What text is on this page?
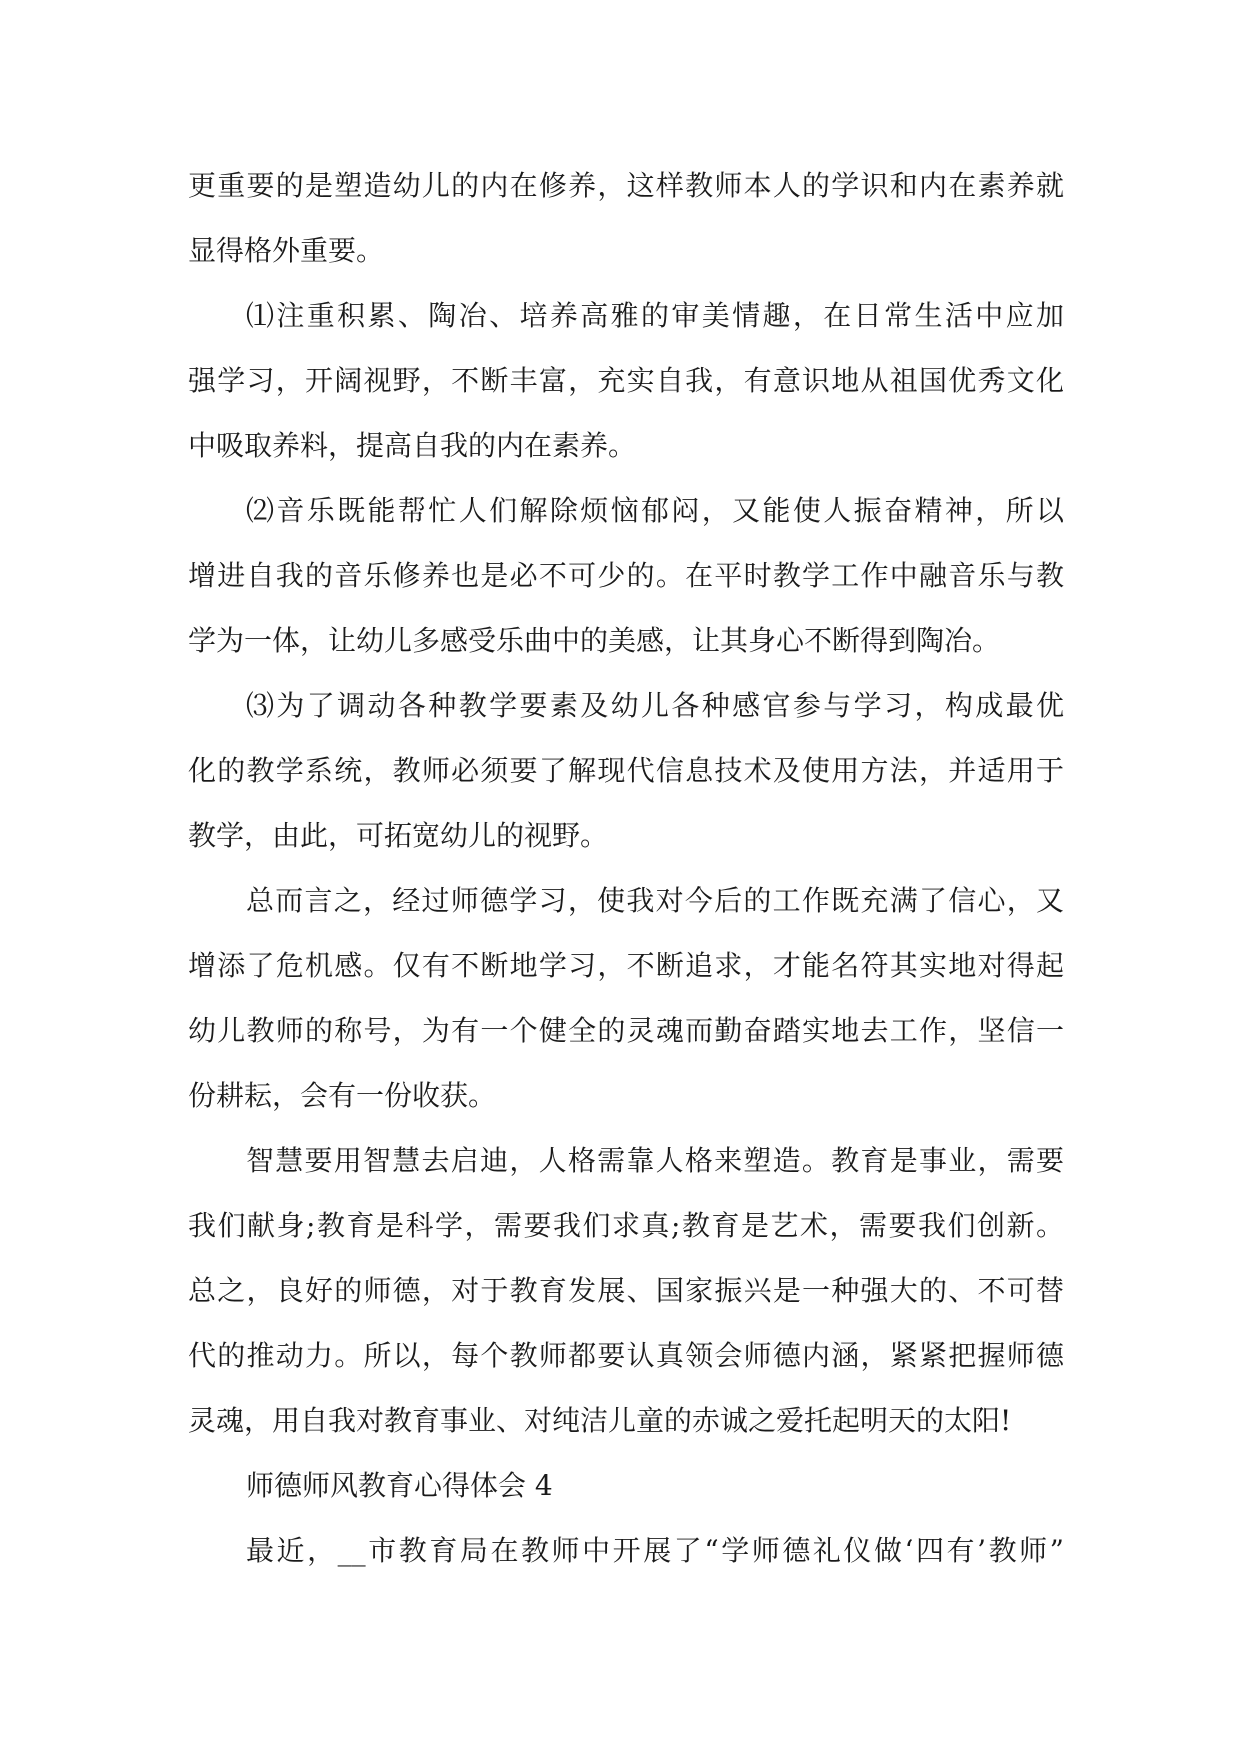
更重要的是塑造幼儿的内在修养，这样教师本人的学识和内在素养就
显得格外重要。
⑴注重积累、陶冶、培养高雅的审美情趣，在日常生活中应加
强学习，开阔视野，不断丰富，充实自我，有意识地从祖国优秀文化
中吸取养料，提高自我的内在素养。
⑵音乐既能帮忙人们解除烦恼郁闷，又能使人振奋精神，所以
增进自我的音乐修养也是必不可少的。在平时教学工作中融音乐与教
学为一体，让幼儿多感受乐曲中的美感，让其身心不断得到陶冶。
⑶为了调动各种教学要素及幼儿各种感官参与学习，构成最优
化的教学系统，教师必须要了解现代信息技术及使用方法，并适用于
教学，由此，可拓宽幼儿的视野。
总而言之，经过师德学习，使我对今后的工作既充满了信心，又
增添了危机感。仅有不断地学习，不断追求，才能名符其实地对得起
幼儿教师的称号，为有一个健全的灵魂而勤奋踏实地去工作，坚信一
份耕耘，会有一份收获。
智慧要用智慧去启迪，人格需靠人格来塑造。教育是事业，需要
我们献身;教育是科学，需要我们求真;教育是艺术，需要我们创新。
总之，良好的师德，对于教育发展、国家振兴是一种强大的、不可替
代的推动力。所以，每个教师都要认真领会师德内涵，紧紧把握师德
灵魂，用自我对教育事业、对纯洁儿童的赤诚之爱托起明天的太阳!
师德师风教育心得体会 4
最近，__市教育局在教师中开展了“学师德礼仪做‘四有’教师”
